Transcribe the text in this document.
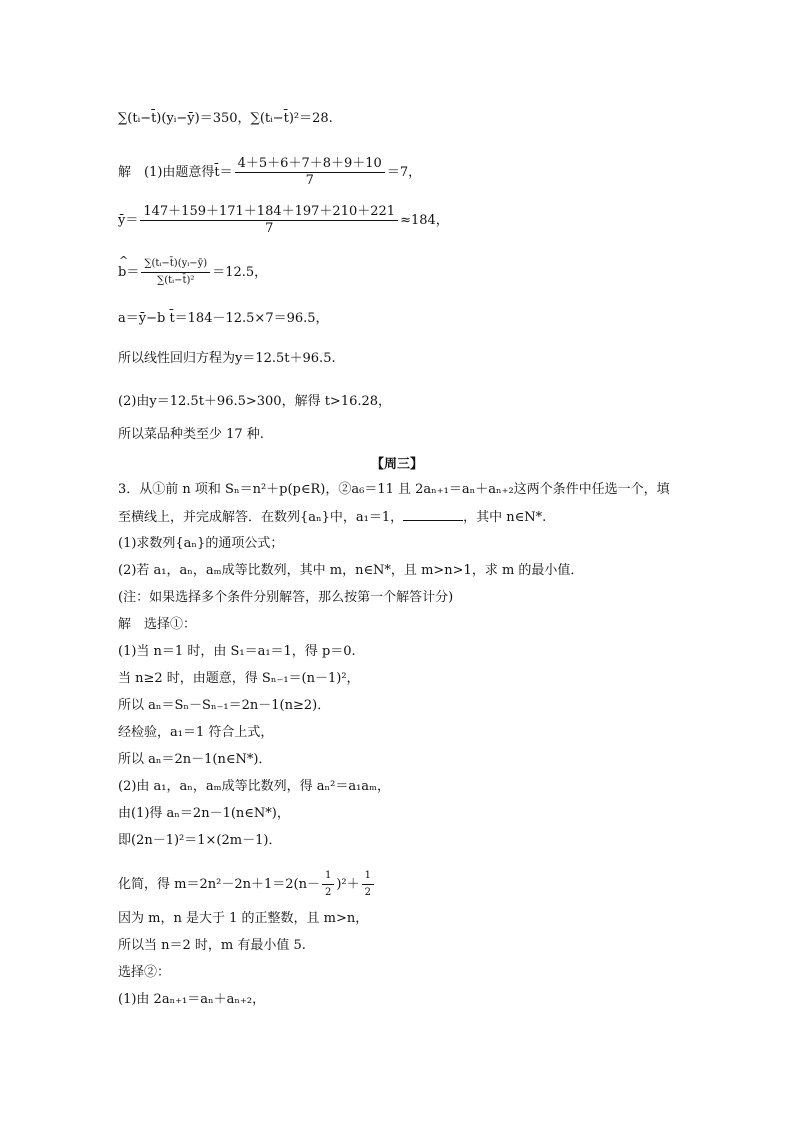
∑(tᵢ−t̄)(yᵢ−ȳ)＝350，∑(tᵢ−t̄)²＝28.
解　(1)由题意得t̄＝ $\frac{4+5+6+7+8+9+10}{7} =7$，
ȳ＝ $\frac{147+159+171+184+197+210+221}{7} \approx 184$，
^ $b= \frac{\text{∑(tᵢ−t̄)(yᵢ−ȳ)}}{\text{∑(tᵢ−t̄)²}} =12.5$，
a＝ȳ−b t̄＝184－12.5×7＝96.5，
所以线性回归方程为y＝12.5t＋96.5.
(2)由y＝12.5t＋96.5>300，解得 t>16.28，
所以菜品种类至少 17 种.
【周三】
3．从①前 n 项和 Sₙ＝n²＋p(p∈R)，②a₆＝11 且 2aₙ₊₁＝aₙ＋aₙ₊₂这两个条件中任选一个，填
至横线上，并完成解答．在数列{aₙ}中，a₁＝1，	，其中 n∈N*.
(1)求数列{aₙ}的通项公式；
(2)若 a₁，aₙ，aₘ成等比数列，其中 m，n∈N*，且 m>n>1，求 m 的最小值．
(注：如果选择多个条件分别解答，那么按第一个解答计分)
解　选择①：
(1)当 n＝1 时，由 S₁＝a₁＝1，得 p＝0.
当 n≥2 时，由题意，得 Sₙ₋₁＝(n－1)²，
所以 aₙ＝Sₙ－Sₙ₋₁＝2n－1(n≥2)．
经检验，a₁＝1 符合上式，
所以 aₙ＝2n－1(n∈N*)．
(2)由 a₁，aₙ，aₘ成等比数列，得 aₙ²＝a₁aₘ，
由(1)得 aₙ＝2n－1(n∈N*)，
即(2n－1)²＝1×(2m－1)．
化简，得 $m=2n^2-2n+1=2(n- \frac{1}{2} )^2+ \frac{1}{2}$
因为 m，n 是大于 1 的正整数，且 m>n，
所以当 n＝2 时，m 有最小值 5.
选择②：
(1)由 2aₙ₊₁＝aₙ＋aₙ₊₂，
